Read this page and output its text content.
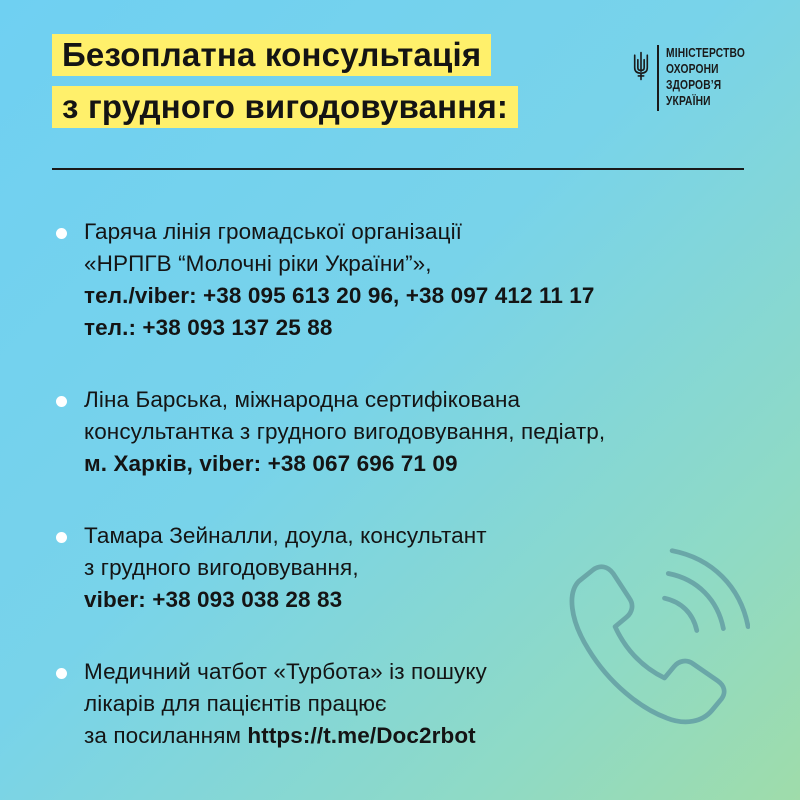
Безоплатна консультація
з грудного вигодовування:
МІНІСТЕРСТВО
ОХОРОНИ
ЗДОРОВ’Я
УКРАЇНИ
Гаряча лінія громадської організації
«НРПГВ “Молочні ріки України”»,
тел./viber: +38 095 613 20 96, +38 097 412 11 17
тел.: +38 093 137 25 88
Ліна Барська, міжнародна сертифікована
консультантка з грудного вигодовування, педіатр,
м. Харків, viber: +38 067 696 71 09
Тамара Зейналли, доула, консультант
з грудного вигодовування,
viber: +38 093 038 28 83
Медичний чатбот «Турбота» із пошуку
лікарів для пацієнтів працює
за посиланням https://t.me/Doc2rbot
